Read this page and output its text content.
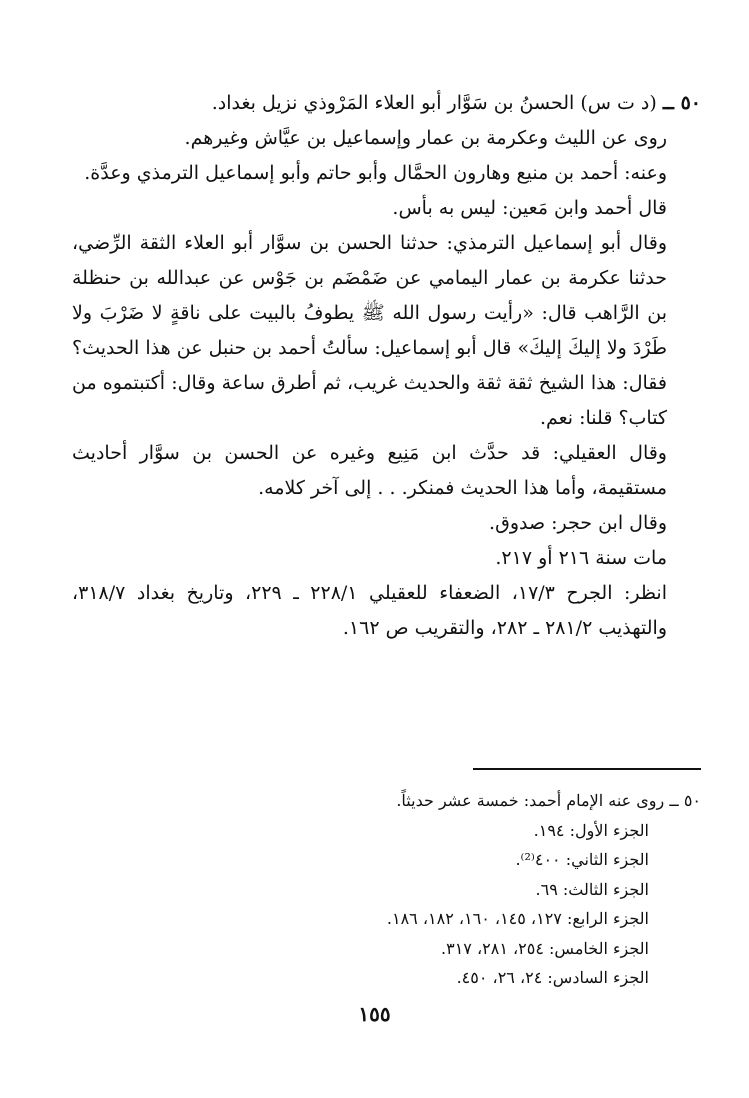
٥٠ ــ (د ت س) الحسنُ بن سَوَّار أبو العلاء المَرْوذي نزيل بغداد.

روى عن الليث وعكرمة بن عمار وإسماعيل بن عيَّاش وغيرهم.

وعنه: أحمد بن منيع وهارون الحمَّال وأبو حاتم وأبو إسماعيل الترمذي وعدَّة.

قال أحمد وابن مَعين: ليس به بأس.

وقال أبو إسماعيل الترمذي: حدثنا الحسن بن سوَّار أبو العلاء الثقة الرِّضي، حدثنا عكرمة بن عمار اليمامي عن ضَمْضَم بن جَوْس عن عبدالله بن حنظلة بن الرَّاهب قال: «رأيت رسول الله ﷺ يطوفُ بالبيت على ناقةٍ لا ضَرْبَ ولا طَرْدَ ولا إليكَ إليكَ» قال أبو إسماعيل: سألتُ أحمد بن حنبل عن هذا الحديث؟ فقال: هذا الشيخ ثقة ثقة والحديث غريب، ثم أطرق ساعة وقال: أكتبتموه من كتاب؟ قلنا: نعم.

وقال العقيلي: قد حدَّث ابن مَنِيع وغيره عن الحسن بن سوَّار أحاديث مستقيمة، وأما هذا الحديث فمنكر. . . إلى آخر كلامه.

وقال ابن حجر: صدوق.

مات سنة ٢١٦ أو ٢١٧.

انظر: الجرح ١٧/٣، الضعفاء للعقيلي ٢٢٨/١ ـ ٢٢٩، وتاريخ بغداد ٣١٨/٧، والتهذيب ٢٨١/٢ ـ ٢٨٢، والتقريب ص ١٦٢.

٥٠ ــ روى عنه الإمام أحمد: خمسة عشر حديثاً.

الجزء الأول: ١٩٤.

الجزء الثاني: ٤٠٠⁽²⁾.

الجزء الثالث: ٦٩.

الجزء الرابع: ١٢٧، ١٤٥، ١٦٠، ١٨٢، ١٨٦.

الجزء الخامس: ٢٥٤، ٢٨١، ٣١٧.

الجزء السادس: ٢٤، ٢٦، ٤٥٠.

١٥٥
